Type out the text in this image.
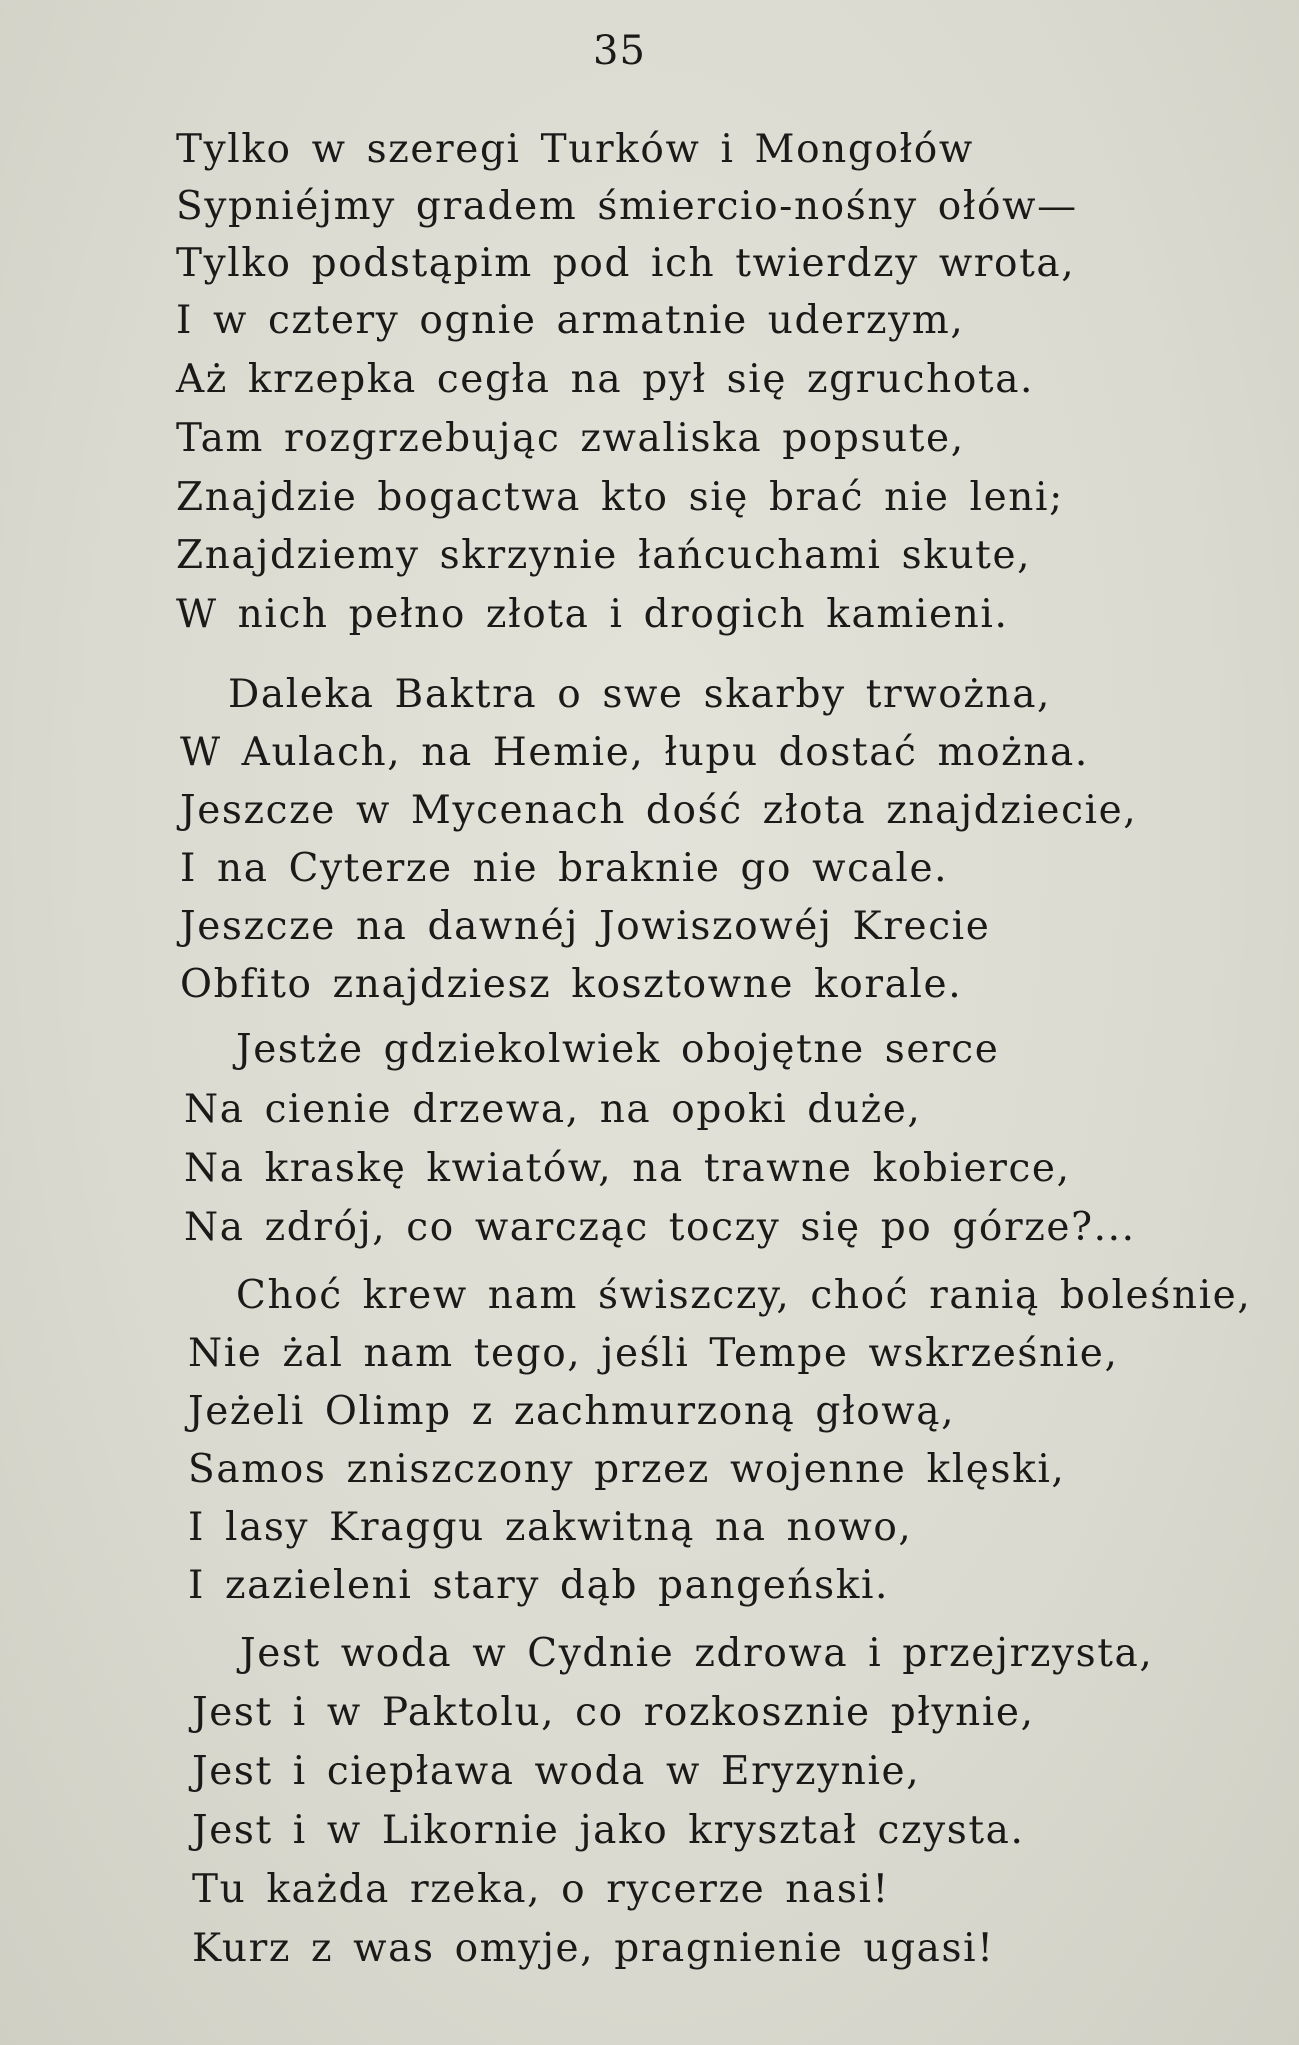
35
Tylko w szeregi Turków i Mongołów
Sypniéjmy gradem śmiercio-nośny ołów—
Tylko podstąpim pod ich twierdzy wrota,
I w cztery ognie armatnie uderzym,
Aż krzepka cegła na pył się zgruchota.
Tam rozgrzebując zwaliska popsute,
Znajdzie bogactwa kto się brać nie leni;
Znajdziemy skrzynie łańcuchami skute,
W nich pełno złota i drogich kamieni.
Daleka Baktra o swe skarby trwożna,
W Aulach, na Hemie, łupu dostać można.
Jeszcze w Mycenach dość złota znajdziecie,
I na Cyterze nie braknie go wcale.
Jeszcze na dawnéj Jowiszowéj Krecie
Obfito znajdziesz kosztowne korale.
Jestże gdziekolwiek obojętne serce
Na cienie drzewa, na opoki duże,
Na kraskę kwiatów, na trawne kobierce,
Na zdrój, co warcząc toczy się po górze?...
Choć krew nam świszczy, choć ranią boleśnie,
Nie żal nam tego, jeśli Tempe wskrześnie,
Jeżeli Olimp z zachmurzoną głową,
Samos zniszczony przez wojenne klęski,
I lasy Kraggu zakwitną na nowo,
I zazieleni stary dąb pangeński.
Jest woda w Cydnie zdrowa i przejrzysta,
Jest i w Paktolu, co rozkosznie płynie,
Jest i ciepława woda w Eryzynie,
Jest i w Likornie jako kryształ czysta.
Tu każda rzeka, o rycerze nasi!
Kurz z was omyje, pragnienie ugasi!
